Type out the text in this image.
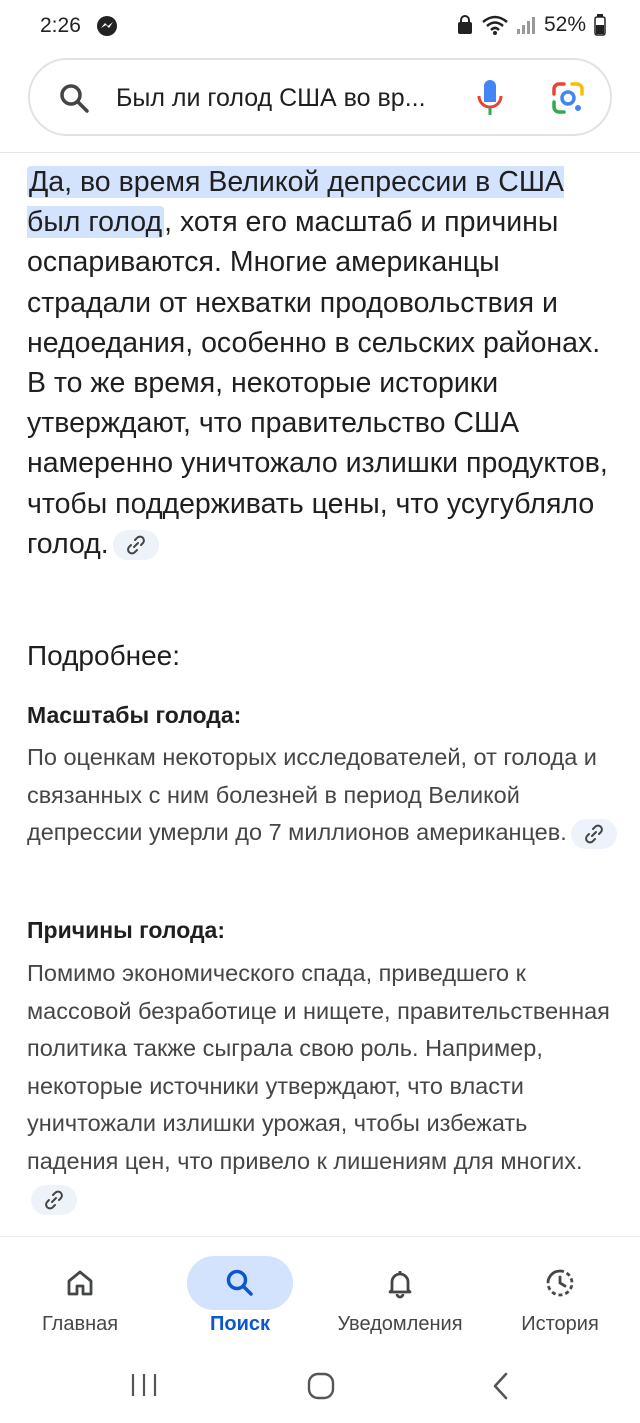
2:26	52%
Был ли голод США во вр...
Да, во время Великой депрессии в США был голод, хотя его масштаб и причины оспариваются. Многие американцы страдали от нехватки продовольствия и недоедания, особенно в сельских районах. В то же время, некоторые историки утверждают, что правительство США намеренно уничтожало излишки продуктов, чтобы поддерживать цены, что усугубляло голод.
Подробнее:
Масштабы голода:
По оценкам некоторых исследователей, от голода и связанных с ним болезней в период Великой депрессии умерли до 7 миллионов американцев.
Причины голода:
Помимо экономического спада, приведшего к массовой безработице и нищете, правительственная политика также сыграла свою роль. Например, некоторые источники утверждают, что власти уничтожали излишки урожая, чтобы избежать падения цен, что привело к лишениям для многих.
Главная	Поиск	Уведомления	История
